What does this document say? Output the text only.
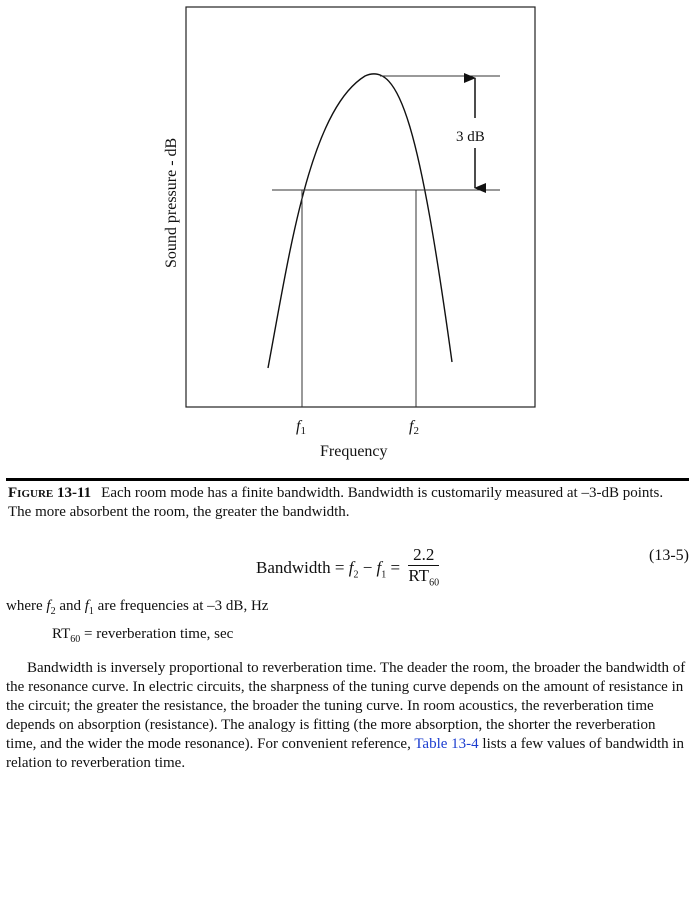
3 dB
Sound pressure - dB
Frequency
f1	f2
Figure 13-11 Each room mode has a finite bandwidth. Bandwidth is customarily measured at –3-dB points. The more absorbent the room, the greater the bandwidth.
Bandwidth = $f_2 - f_1 = \frac{2.2}{RT_{60}}$	(13-5)
where $f_2$ and $f_1$ are frequencies at –3 dB, Hz
$RT_{60}$ = reverberation time, sec

Bandwidth is inversely proportional to reverberation time. The deader the room, the broader the bandwidth of the resonance curve. In electric circuits, the sharpness of the tuning curve depends on the amount of resistance in the circuit; the greater the resistance, the broader the tuning curve. In room acoustics, the reverberation time depends on absorption (resistance). The analogy is fitting (the more absorption, the shorter the reverberation time, and the wider the mode resonance). For convenient reference, Table 13-4 lists a few values of bandwidth in relation to reverberation time.
